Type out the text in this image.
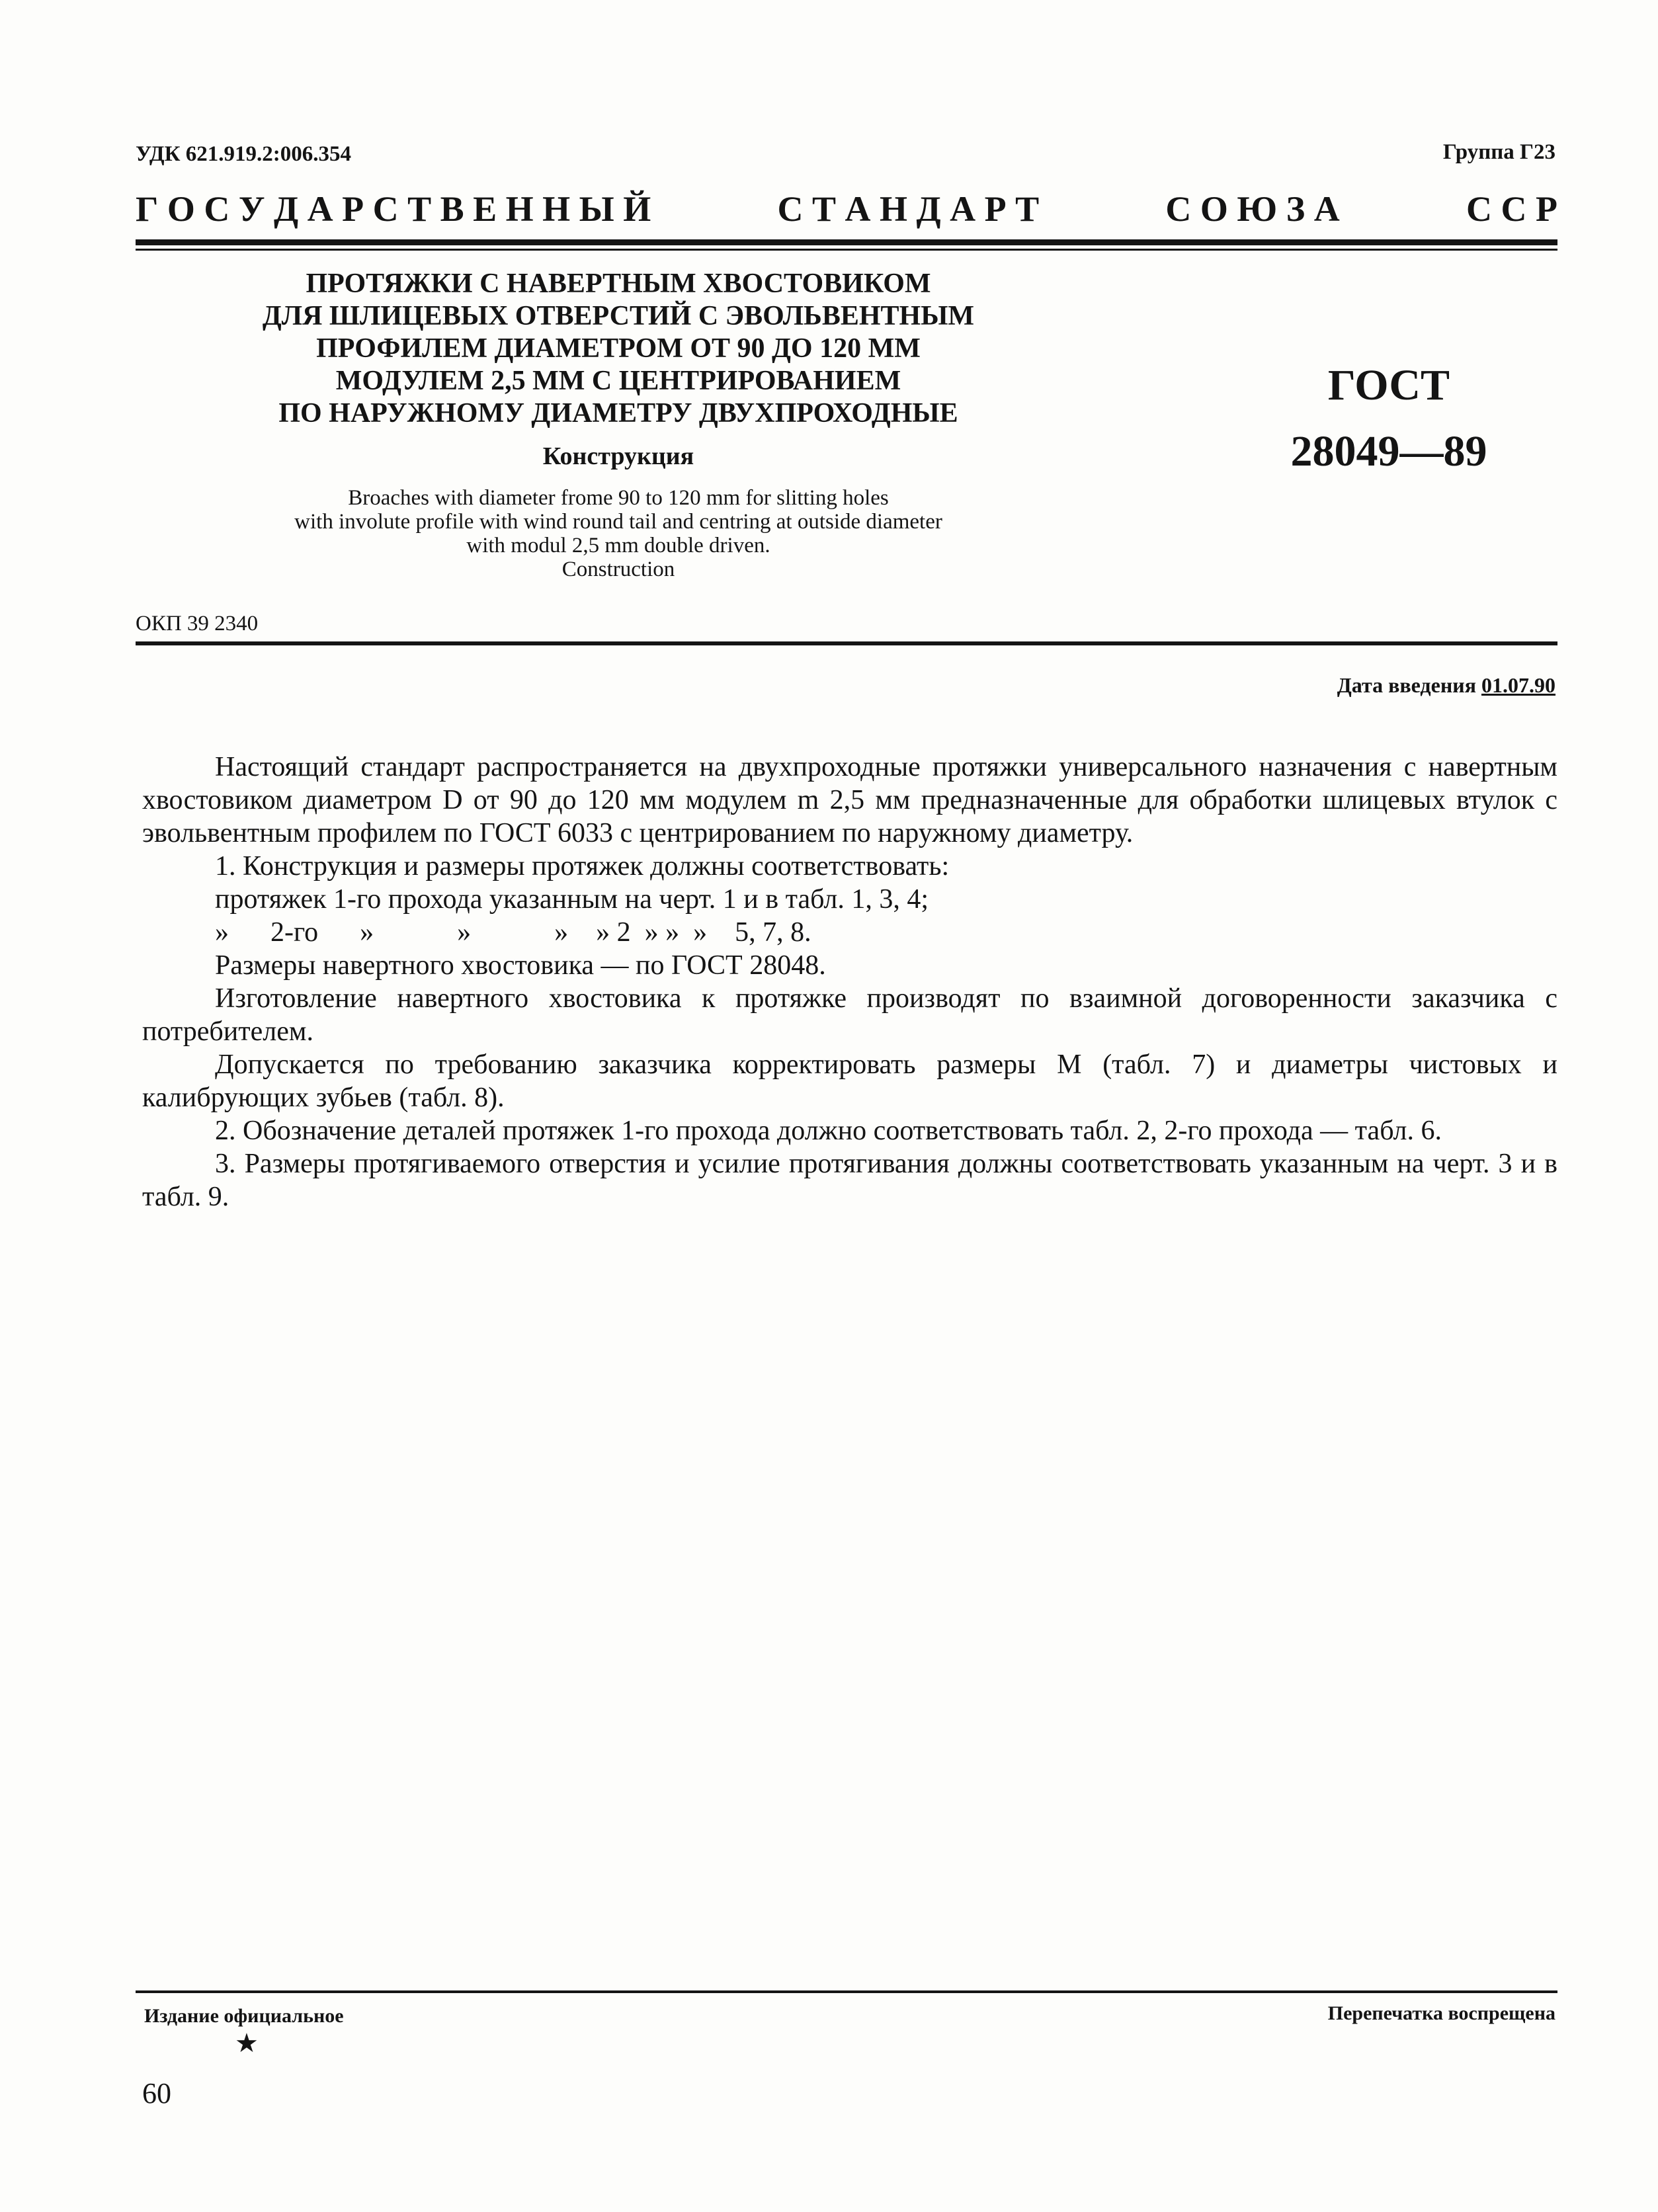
УДК 621.919.2:006.354	Группа Г23
Г О С У Д А Р С Т В Е Н Н Ы Й	С Т А Н Д А Р Т	С О Ю З А	С С Р
ПРОТЯЖКИ С НАВЕРТНЫМ ХВОСТОВИКОМ
ДЛЯ ШЛИЦЕВЫХ ОТВЕРСТИЙ С ЭВОЛЬВЕНТНЫМ
ПРОФИЛЕМ ДИАМЕТРОМ ОТ 90 ДО 120 ММ
МОДУЛЕМ 2,5 ММ С ЦЕНТРИРОВАНИЕМ
ПО НАРУЖНОМУ ДИАМЕТРУ ДВУХПРОХОДНЫЕ
Конструкция
Broaches with diameter frome 90 to 120 mm for slitting holes
with involute profile with wind round tail and centring at outside diameter
with modul 2,5 mm double driven.
Construction
ГОСТ
28049—89
ОКП 39 2340
Дата введения 01.07.90

Настоящий стандарт распространяется на двухпроходные протяжки универсального назначения с навертным хвостовиком диаметром D от 90 до 120 мм модулем m 2,5 мм предназначенные для обработки шлицевых втулок с эвольвентным профилем по ГОСТ 6033 с центрированием по наружному диаметру.

1. Конструкция и размеры протяжек должны соответствовать:

протяжек 1-го прохода указанным на черт. 1 и в табл. 1, 3, 4;

»      2-го      »            »            »    » 2  » »  »    5, 7, 8.

Размеры навертного хвостовика — по ГОСТ 28048.

Изготовление навертного хвостовика к протяжке производят по взаимной договоренности заказчика с потребителем.

Допускается по требованию заказчика корректировать размеры М (табл. 7) и диаметры чистовых и калибрующих зубьев (табл. 8).

2. Обозначение деталей протяжек 1-го прохода должно соответствовать табл. 2, 2-го прохода — табл. 6.

3. Размеры протягиваемого отверстия и усилие протягивания должны соответствовать указанным на черт. 3 и в табл. 9.

Издание официальное	Перепечатка воспрещена
★
60
